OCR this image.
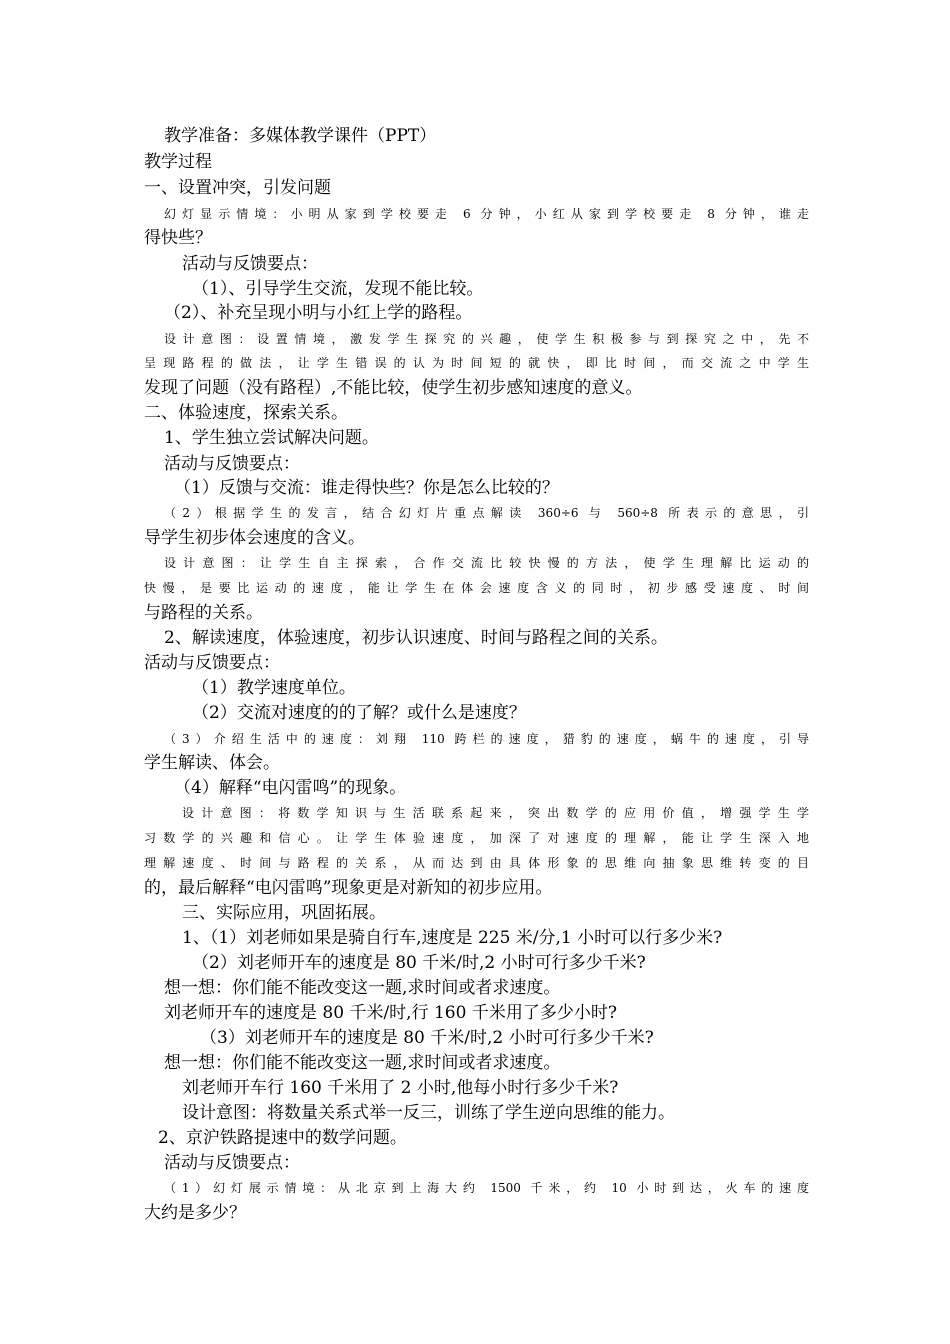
教学准备：多媒体教学课件（PPT）
教学过程
一、设置冲突，引发问题
幻灯显示情境：小明从家到学校要走 6 分钟，小红从家到学校要走 8 分钟，谁走
得快些？
活动与反馈要点：
（1）、引导学生交流，发现不能比较。
（2）、补充呈现小明与小红上学的路程。
设计意图：设置情境，激发学生探究的兴趣，使学生积极参与到探究之中，先不
呈现路程的做法，让学生错误的认为时间短的就快，即比时间，而交流之中学生
发现了问题（没有路程）,不能比较，使学生初步感知速度的意义。
二、体验速度，探索关系。
1、学生独立尝试解决问题。
活动与反馈要点：
（1）反馈与交流：谁走得快些？你是怎么比较的？
（2）根据学生的发言，结合幻灯片重点解读 360÷6 与 560÷8 所表示的意思，引
导学生初步体会速度的含义。
设计意图：让学生自主探索，合作交流比较快慢的方法，使学生理解比运动的
快慢，是要比运动的速度，能让学生在体会速度含义的同时，初步感受速度、时间
与路程的关系。
2、解读速度，体验速度，初步认识速度、时间与路程之间的关系。
活动与反馈要点：
（1）教学速度单位。
（2）交流对速度的的了解？或什么是速度？
（3）介绍生活中的速度：刘翔 110 跨栏的速度，猎豹的速度，蜗牛的速度，引导
学生解读、体会。
（4）解释“电闪雷鸣”的现象。
设计意图：将数学知识与生活联系起来，突出数学的应用价值，增强学生学
习数学的兴趣和信心。让学生体验速度，加深了对速度的理解，能让学生深入地
理解速度、时间与路程的关系，从而达到由具体形象的思维向抽象思维转变的目
的，最后解释“电闪雷鸣”现象更是对新知的初步应用。
三、实际应用，巩固拓展。
1、（1）刘老师如果是骑自行车,速度是 225 米/分,1 小时可以行多少米?
（2）刘老师开车的速度是 80 千米/时,2 小时可行多少千米?
想一想：你们能不能改变这一题,求时间或者求速度。
刘老师开车的速度是 80 千米/时,行 160 千米用了多少小时?
（3）刘老师开车的速度是 80 千米/时,2 小时可行多少千米?
想一想：你们能不能改变这一题,求时间或者求速度。
刘老师开车行 160 千米用了 2 小时,他每小时行多少千米?
设计意图：将数量关系式举一反三，训练了学生逆向思维的能力。
2、京沪铁路提速中的数学问题。
活动与反馈要点：
（1）幻灯展示情境：从北京到上海大约 1500 千米，约 10 小时到达，火车的速度
大约是多少？
